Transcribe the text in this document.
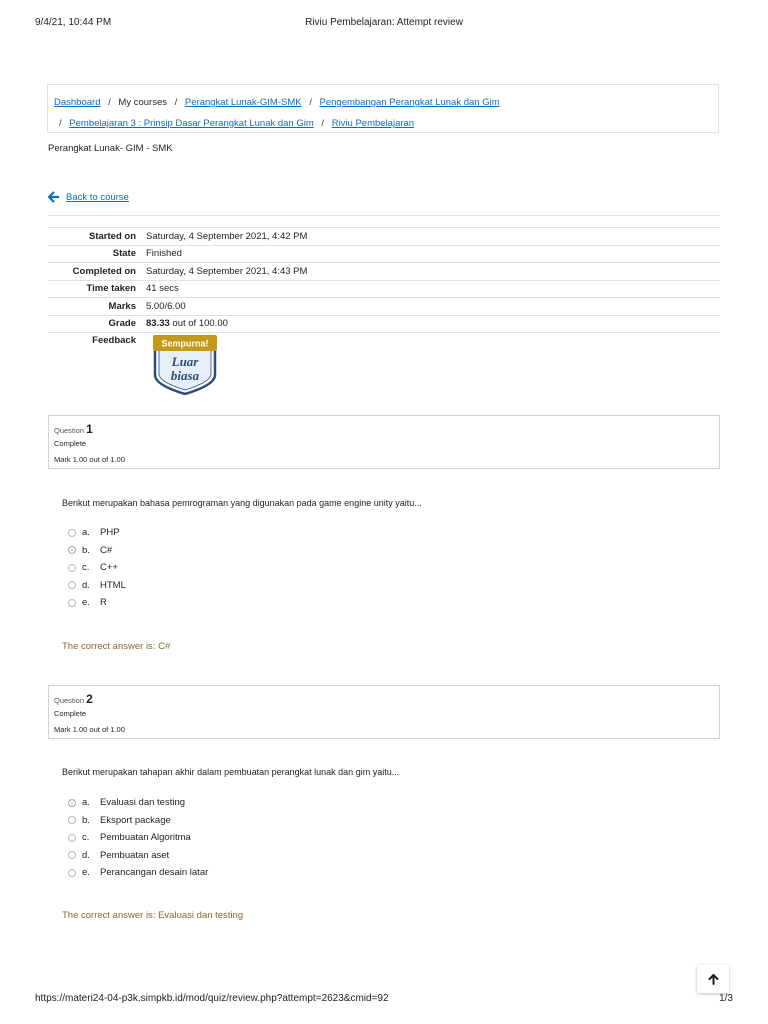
9/4/21, 10:44 PM	Riviu Pembelajaran: Attempt review
Dashboard / My courses / Perangkat Lunak-GIM-SMK / Pengembangan Perangkat Lunak dan Gim
/ Pembelajaran 3 : Prinsip Dasar Perangkat Lunak dan Gim / Riviu Pembelajaran
Perangkat Lunak- GIM - SMK
Back to course
Started on	Saturday, 4 September 2021, 4:42 PM
State	Finished
Completed on	Saturday, 4 September 2021, 4:43 PM
Time taken	41 secs
Marks	5.00/6.00
Grade	83.33 out of 100.00
Feedback	Sempurna!
Luar
biasa
Question 1
Complete
Mark 1.00 out of 1.00
Berikut merupakan bahasa pemrograman yang digunakan pada game engine unity yaitu...
a.	PHP
b.	C#
c.	C++
d.	HTML
e.	R
The correct answer is: C#
Question 2
Complete
Mark 1.00 out of 1.00
Berikut merupakan tahapan akhir dalam pembuatan perangkat lunak dan gim yaitu...
a.	Evaluasi dan testing
b.	Eksport package
c.	Pembuatan Algoritma
d.	Pembuatan aset
e.	Perancangan desain latar
The correct answer is: Evaluasi dan testing
https://materi24-04-p3k.simpkb.id/mod/quiz/review.php?attempt=2623&cmid=92	1/3
